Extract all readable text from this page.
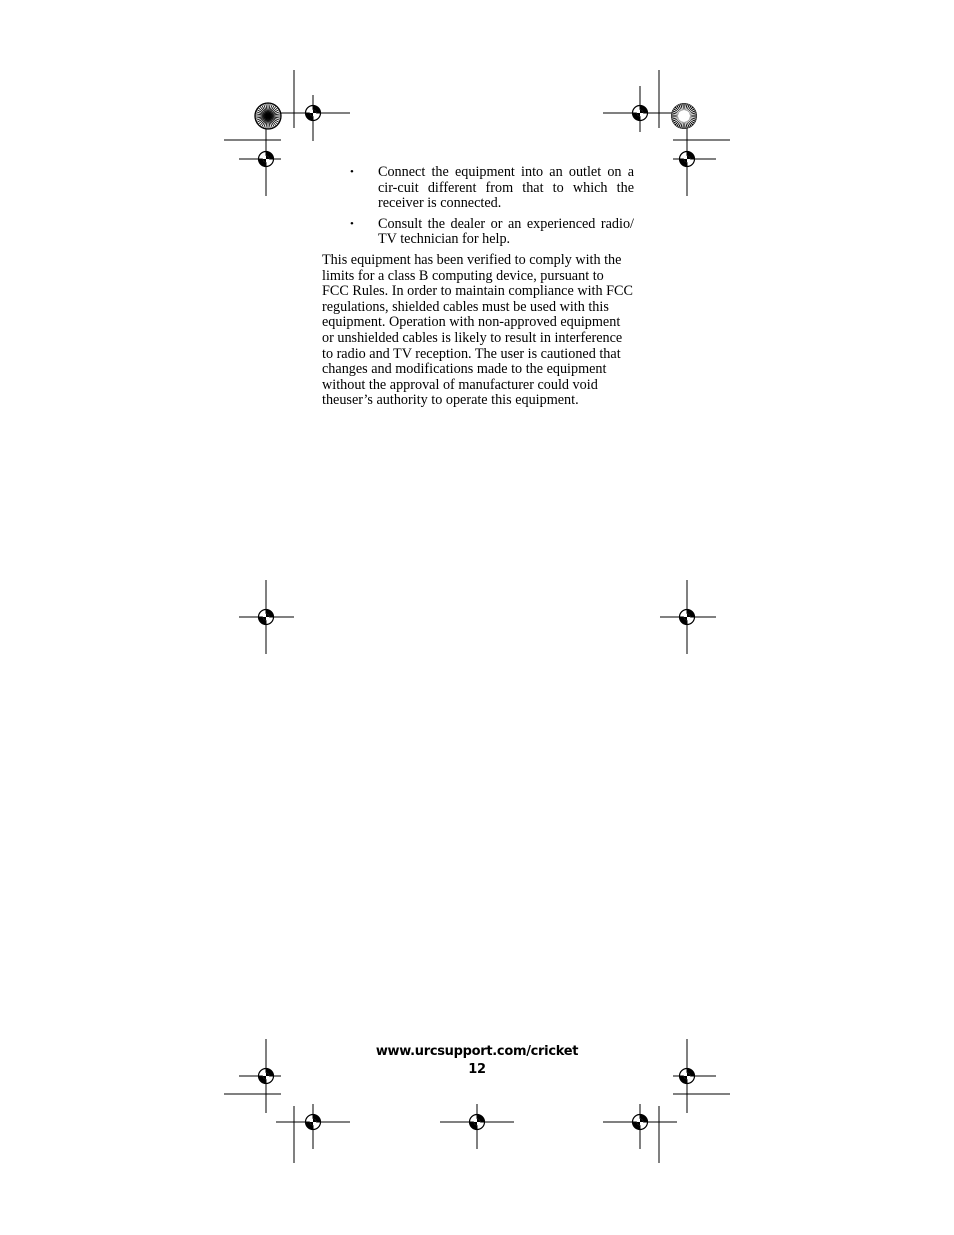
• Connect the equipment into an outlet on a cir-cuit different from that to which the receiver is connected.
• Consult the dealer or an experienced radio/ TV technician for help.

This equipment has been verified to comply with the limits for a class B computing device, pursuant to FCC Rules. In order to maintain compliance with FCC regulations, shielded cables must be used with this equipment. Operation with non-approved equipment or unshielded cables is likely to result in interference to radio and TV reception. The user is cautioned that changes and modifications made to the equipment without the approval of manufacturer could void theuser’s authority to operate this equipment.

www.urcsupport.com/cricket
12
